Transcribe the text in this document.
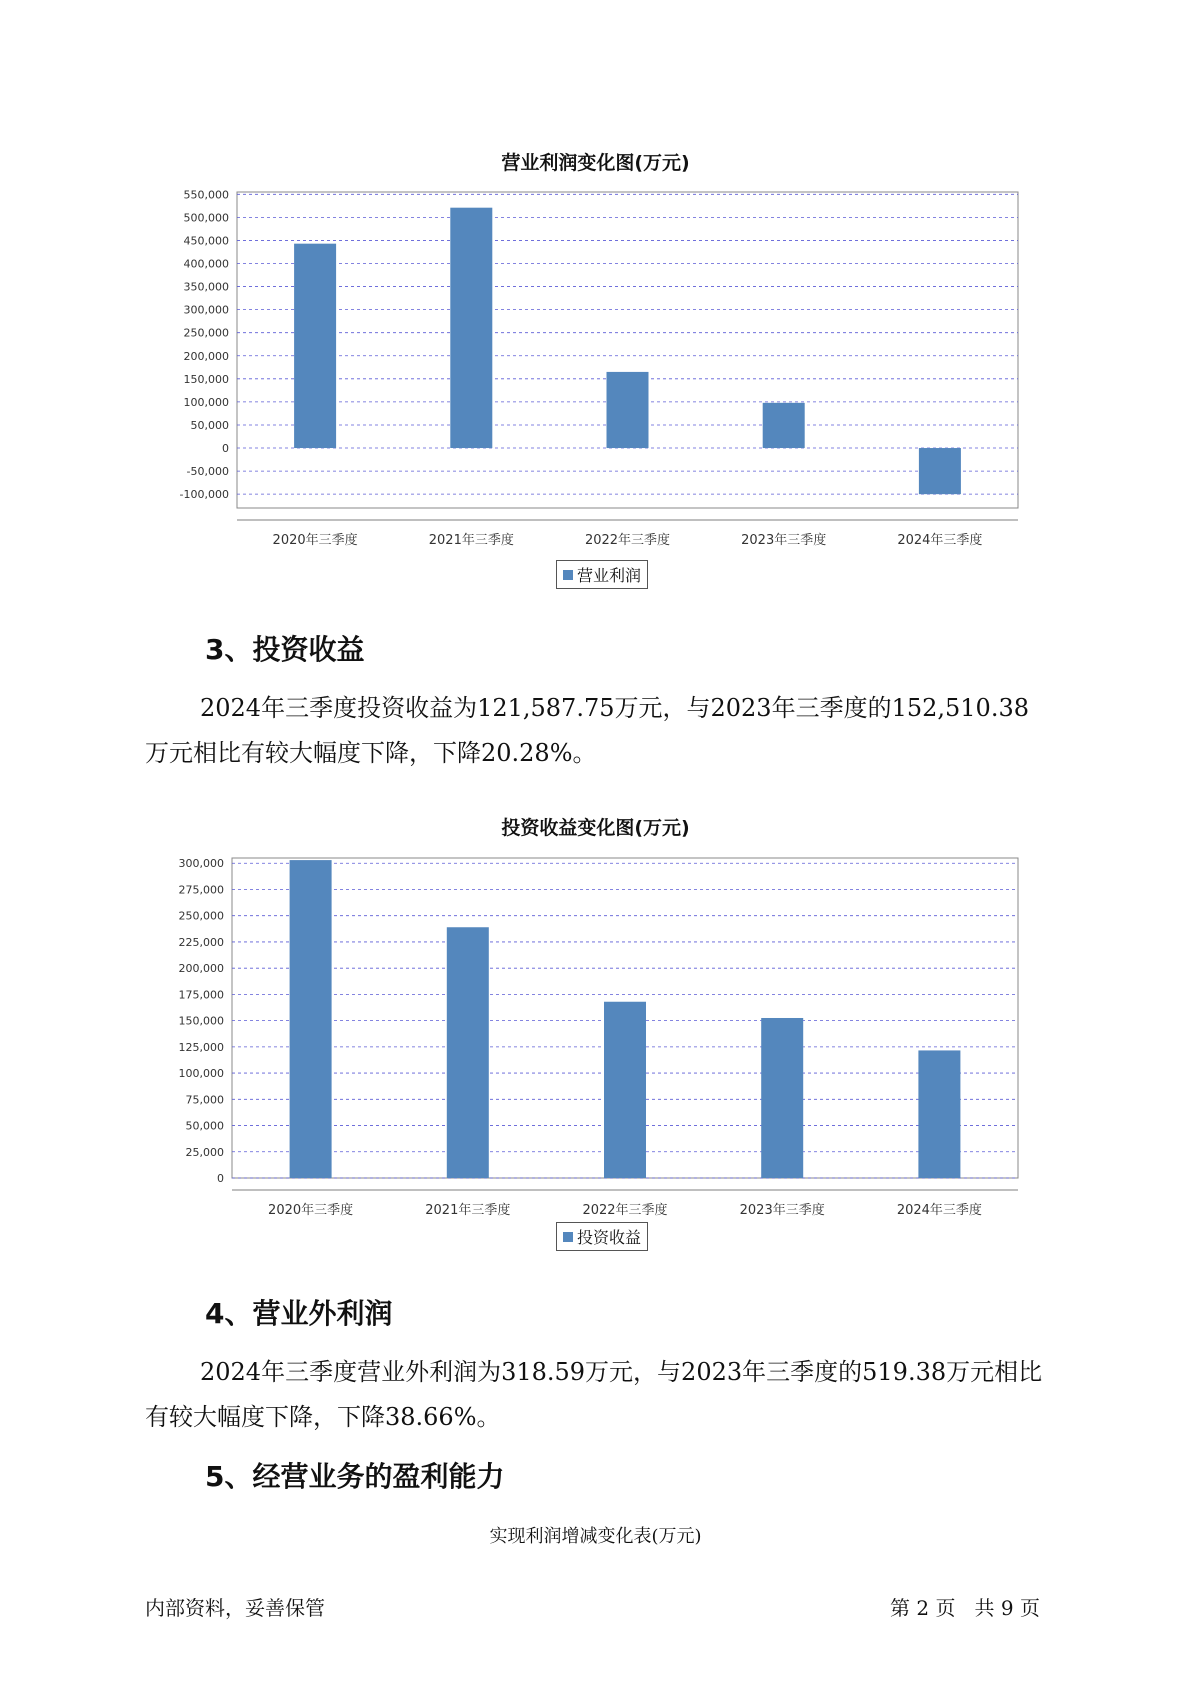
营业利润变化图(万元)
550,000
500,000
450,000
400,000
350,000
300,000
250,000
200,000
150,000
100,000
50,000
0
-50,000
-100,000
2020年三季度	2021年三季度	2022年三季度	2023年三季度	2024年三季度
营业利润
3、投资收益
2024年三季度投资收益为121,587.75万元，与2023年三季度的152,510.38万元相比有较大幅度下降，下降20.28%。
投资收益变化图(万元)
300,000
275,000
250,000
225,000
200,000
175,000
150,000
125,000
100,000
75,000
50,000
25,000
0
2020年三季度	2021年三季度	2022年三季度	2023年三季度	2024年三季度
投资收益
4、营业外利润
2024年三季度营业外利润为318.59万元，与2023年三季度的519.38万元相比有较大幅度下降，下降38.66%。
5、经营业务的盈利能力
实现利润增减变化表(万元)
内部资料，妥善保管	第 2 页   共 9 页
